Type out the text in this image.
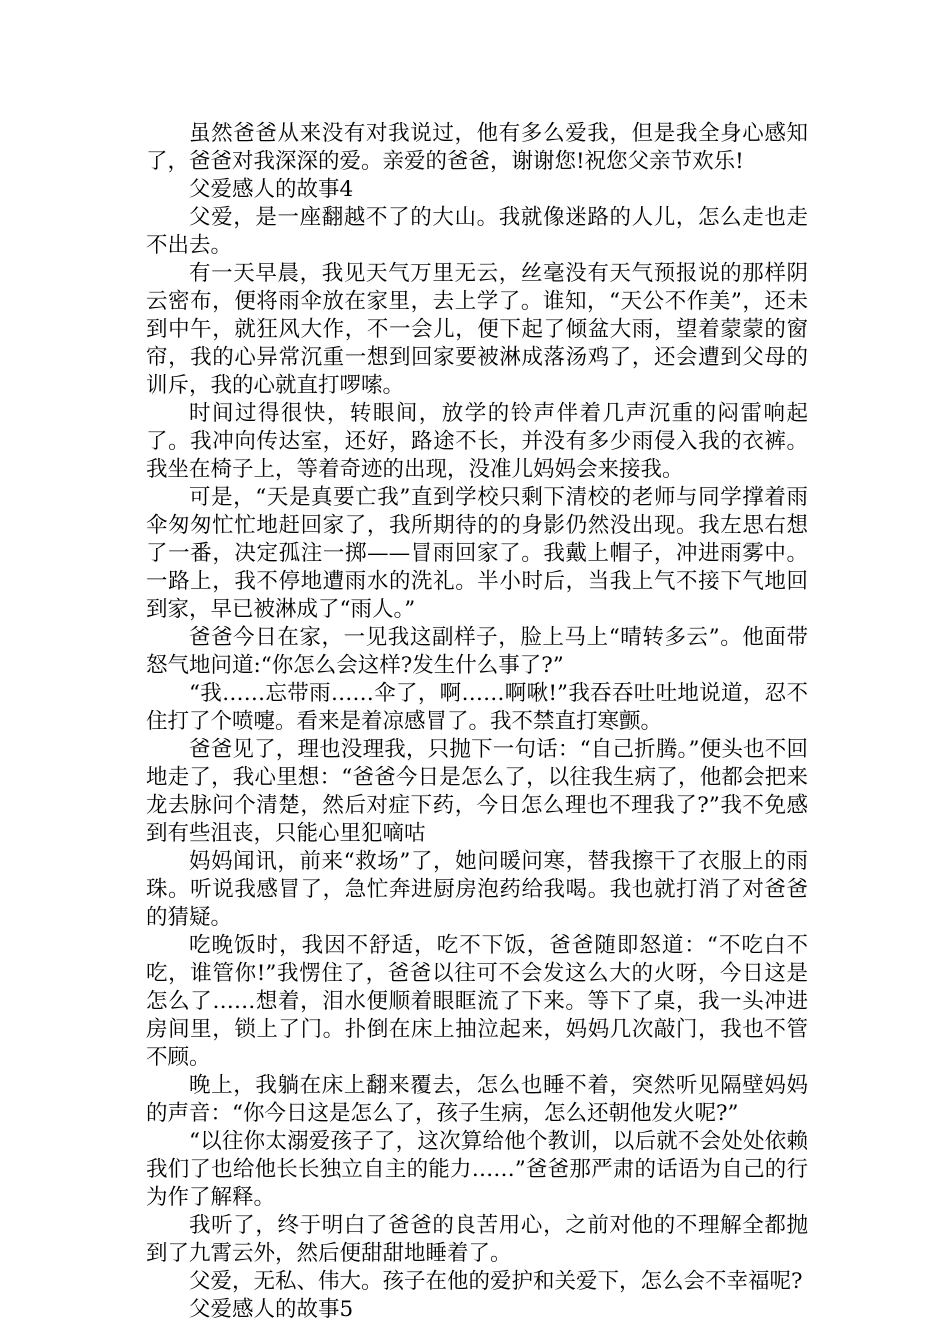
虽然爸爸从来没有对我说过，他有多么爱我，但是我全身心感知了，爸爸对我深深的爱。亲爱的爸爸，谢谢您!祝您父亲节欢乐!

父爱感人的故事4

父爱，是一座翻越不了的大山。我就像迷路的人儿，怎么走也走不出去。

有一天早晨，我见天气万里无云，丝毫没有天气预报说的那样阴云密布，便将雨伞放在家里，去上学了。谁知，“天公不作美”，还未到中午，就狂风大作，不一会儿，便下起了倾盆大雨，望着蒙蒙的窗帘，我的心异常沉重一想到回家要被淋成落汤鸡了，还会遭到父母的训斥，我的心就直打啰嗦。

时间过得很快，转眼间，放学的铃声伴着几声沉重的闷雷响起了。我冲向传达室，还好，路途不长，并没有多少雨侵入我的衣裤。我坐在椅子上，等着奇迹的出现，没准儿妈妈会来接我。

可是，“天是真要亡我”直到学校只剩下清校的老师与同学撑着雨伞匆匆忙忙地赶回家了，我所期待的的身影仍然没出现。我左思右想了一番，决定孤注一掷——冒雨回家了。我戴上帽子，冲进雨雾中。一路上，我不停地遭雨水的洗礼。半小时后，当我上气不接下气地回到家，早已被淋成了“雨人。”

爸爸今日在家，一见我这副样子，脸上马上“晴转多云”。他面带怒气地问道:“你怎么会这样?发生什么事了?”

“我……忘带雨……伞了，啊……啊啾!”我吞吞吐吐地说道，忍不住打了个喷嚏。看来是着凉感冒了。我不禁直打寒颤。

爸爸见了，理也没理我，只抛下一句话：“自己折腾。”便头也不回地走了，我心里想：“爸爸今日是怎么了，以往我生病了，他都会把来龙去脉问个清楚，然后对症下药，今日怎么理也不理我了?”我不免感到有些沮丧，只能心里犯嘀咕

妈妈闻讯，前来“救场”了，她问暖问寒，替我擦干了衣服上的雨珠。听说我感冒了，急忙奔进厨房泡药给我喝。我也就打消了对爸爸的猜疑。

吃晚饭时，我因不舒适，吃不下饭，爸爸随即怒道：“不吃白不吃，谁管你!”我愣住了，爸爸以往可不会发这么大的火呀，今日这是怎么了……想着，泪水便顺着眼眶流了下来。等下了桌，我一头冲进房间里，锁上了门。扑倒在床上抽泣起来，妈妈几次敲门，我也不管不顾。

晚上，我躺在床上翻来覆去，怎么也睡不着，突然听见隔壁妈妈的声音：“你今日这是怎么了，孩子生病，怎么还朝他发火呢?”

“以往你太溺爱孩子了，这次算给他个教训，以后就不会处处依赖我们了也给他长长独立自主的能力……”爸爸那严肃的话语为自己的行为作了解释。

我听了，终于明白了爸爸的良苦用心，之前对他的不理解全都抛到了九霄云外，然后便甜甜地睡着了。

父爱，无私、伟大。孩子在他的爱护和关爱下，怎么会不幸福呢?

父爱感人的故事5
